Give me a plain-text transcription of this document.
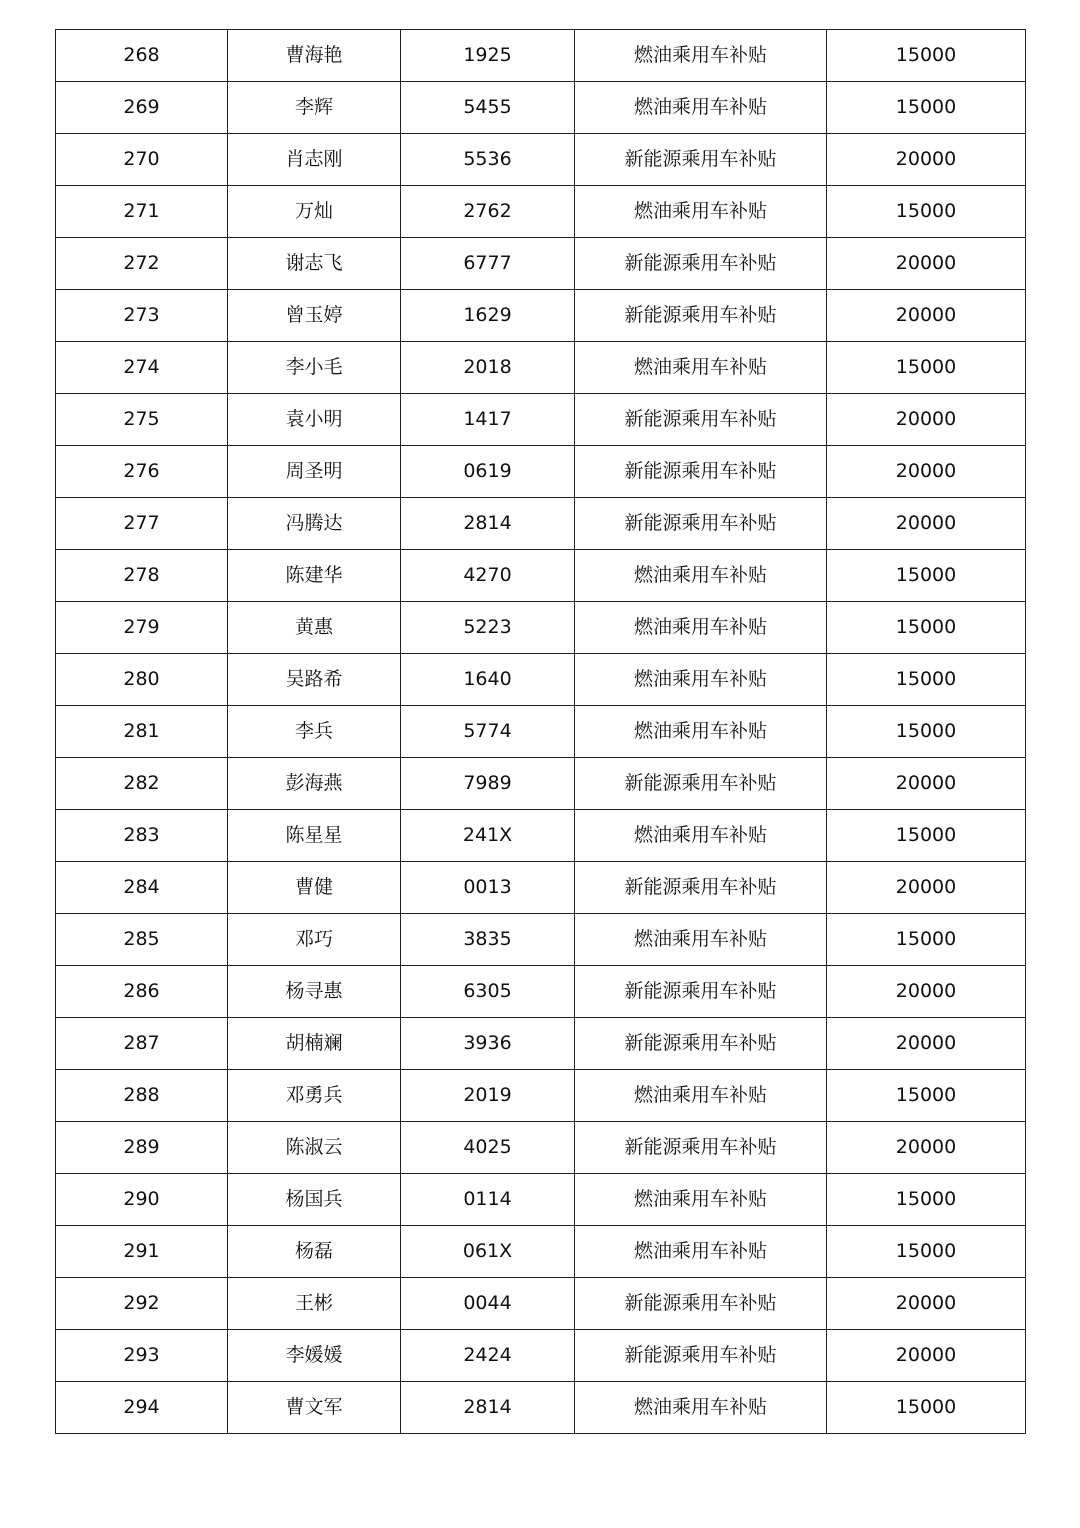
268	曹海艳	1925	燃油乘用车补贴	15000
269	李辉	5455	燃油乘用车补贴	15000
270	肖志刚	5536	新能源乘用车补贴	20000
271	万灿	2762	燃油乘用车补贴	15000
272	谢志飞	6777	新能源乘用车补贴	20000
273	曾玉婷	1629	新能源乘用车补贴	20000
274	李小毛	2018	燃油乘用车补贴	15000
275	袁小明	1417	新能源乘用车补贴	20000
276	周圣明	0619	新能源乘用车补贴	20000
277	冯腾达	2814	新能源乘用车补贴	20000
278	陈建华	4270	燃油乘用车补贴	15000
279	黄惠	5223	燃油乘用车补贴	15000
280	吴路希	1640	燃油乘用车补贴	15000
281	李兵	5774	燃油乘用车补贴	15000
282	彭海燕	7989	新能源乘用车补贴	20000
283	陈星星	241X	燃油乘用车补贴	15000
284	曹健	0013	新能源乘用车补贴	20000
285	邓巧	3835	燃油乘用车补贴	15000
286	杨寻惠	6305	新能源乘用车补贴	20000
287	胡楠斓	3936	新能源乘用车补贴	20000
288	邓勇兵	2019	燃油乘用车补贴	15000
289	陈淑云	4025	新能源乘用车补贴	20000
290	杨国兵	0114	燃油乘用车补贴	15000
291	杨磊	061X	燃油乘用车补贴	15000
292	王彬	0044	新能源乘用车补贴	20000
293	李媛媛	2424	新能源乘用车补贴	20000
294	曹文军	2814	燃油乘用车补贴	15000
